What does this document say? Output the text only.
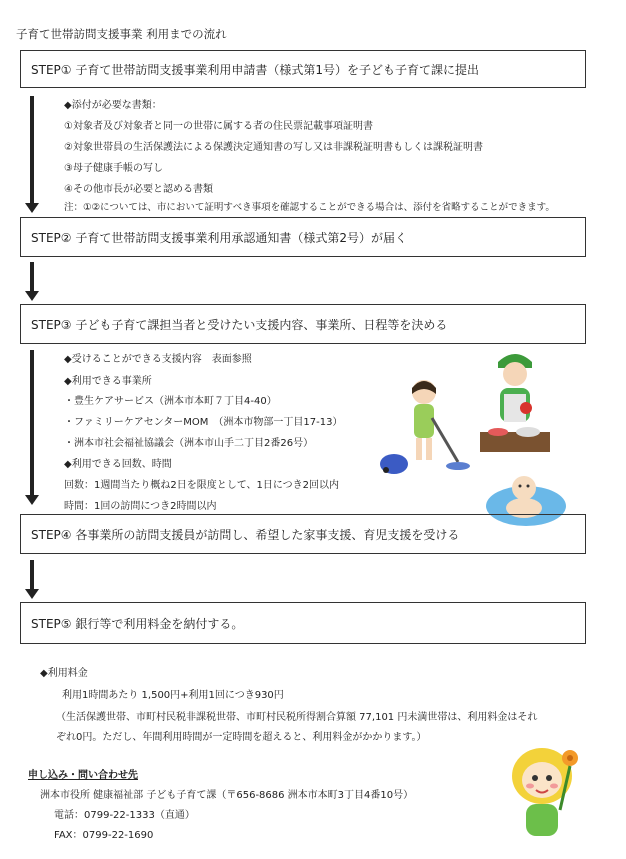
子育て世帯訪問支援事業 利用までの流れ
STEP① 子育て世帯訪問支援事業利用申請書（様式第1号）を子ども子育て課に提出
◆添付が必要な書類：
①対象者及び対象者と同一の世帯に属する者の住民票記載事項証明書
②対象世帯員の生活保護法による保護決定通知書の写し又は非課税証明書もしくは課税証明書
③母子健康手帳の写し
④その他市長が必要と認める書類
注：①②については、市において証明すべき事項を確認することができる場合は、添付を省略することができます。
STEP② 子育て世帯訪問支援事業利用承認通知書（様式第2号）が届く
STEP③ 子ども子育て課担当者と受けたい支援内容、事業所、日程等を決める
◆受けることができる支援内容　表面参照
◆利用できる事業所
・豊生ケアサービス（洲本市本町７丁目4-40）
・ファミリーケアセンターMOM　（洲本市物部一丁目17-13）
・洲本市社会福祉協議会（洲本市山手二丁目2番26号）
◆利用できる回数、時間
回数：1週間当たり概ね2日を限度として、1日につき2回以内
時間：1回の訪問につき2時間以内
STEP④ 各事業所の訪問支援員が訪問し、希望した家事支援、育児支援を受ける
STEP⑤ 銀行等で利用料金を納付する。
◆利用料金
利用1時間あたり 1,500円+利用1回につき930円
（生活保護世帯、市町村民税非課税世帯、市町村民税所得割合算額 77,101 円未満世帯は、利用料金はそれ
ぞれ0円。ただし、年間利用時間が一定時間を超えると、利用料金がかかります。）
申し込み・問い合わせ先
洲本市役所 健康福祉部 子ども子育て課（〒656-8686 洲本市本町3丁目4番10号）
電話：0799-22-1333（直通）
FAX：0799-22-1690
